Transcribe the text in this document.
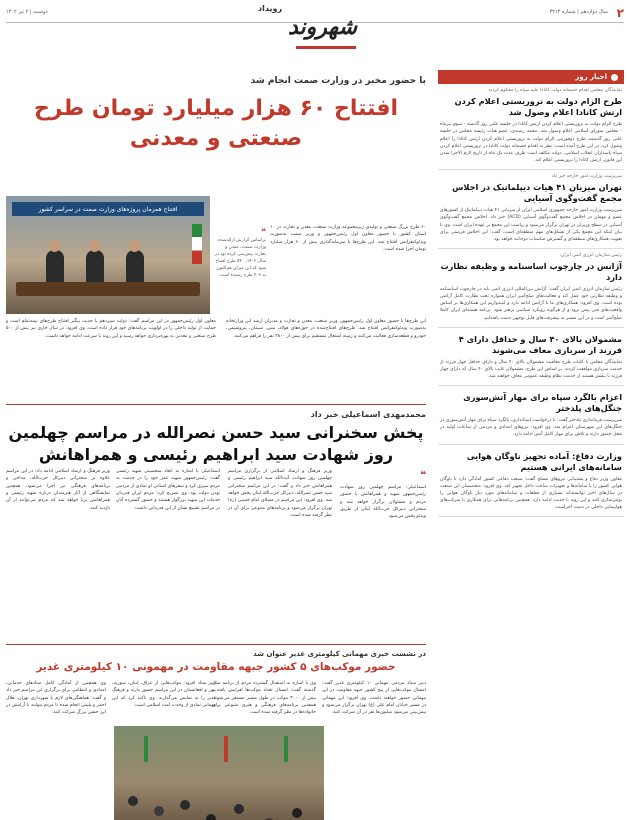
۲
سال دوازدهم | شماره ۳۲۱۴
دوشنبه | ۲ تیر ۱۴۰۲	رویداد
شهروند
اخبار روز
نمایندگان مجلس اقدام خصمانه دولت کانادا علیه سپاه را محکوم کردند
طرح الزام دولت به تروریستی اعلام کردن ارتش کانادا اعلام وصول شد
طرح الزام دولت به تروریستی اعلام کردن ارتش کانادا در جلسه علنی روز گذشته - سوم تیرماه - مجلس شورای اسلامی اعلام وصول شد. محمد رشیدی، عضو هیات رئیسه مجلس در جلسه علنی روز گذشته، طرح دوفوریتی الزام دولت به تروریستی اعلام کردن ارتش کانادا را اعلام وصول کرد. در این طرح آمده است: نظر به اقدام خصمانه دولت کانادا در تروریستی اعلام کردن سپاه پاسداران انقلاب اسلامی، دولت مکلف است ظرف مدت یک ماه از تاریخ لازم الاجرا شدن این قانون، ارتش کانادا را تروریستی اعلام کند.
سرپرست وزارت امور خارجه خبر داد
تهران میزبان ۴۱ هیات دیپلماتیک در اجلاس مجمع گفت‌وگوی آسیایی
سرپرست وزارت امور خارجه جمهوری اسلامی ایران از میزبانی ۴۱ هیات دیپلماتیک از کشورهای عضو و مهمان در اجلاس مجمع گفت‌وگوی آسیایی (ACD) خبر داد. اجلاس مجمع گفت‌وگوی آسیایی در سطح وزیران در تهران برگزار می‌شود و ریاست این مجمع بر عهده ایران است. وی با بیان اینکه این مجمع یکی از تشکل‌های مهم منطقه‌ای است، گفت: این اجلاس فرصتی برای تقویت همکاری‌های منطقه‌ای و گسترش مناسبات دوجانبه خواهد بود.
رئیس سازمان انرژی اتمی ایران:
آژانس در چارچوب اساسنامه و وظیفه نظارت دارد
رئیس سازمان انرژی اتمی ایران گفت: آژانس بین‌المللی انرژی اتمی باید در چارچوب اساسنامه و وظیفه نظارتی خود عمل کند و فعالیت‌های صلح‌آمیز ایران همواره تحت نظارت کامل آژانس بوده است. وی افزود: همکاری‌های ما با آژانس ادامه دارد و امیدواریم این همکاری‌ها بر اساس واقعیت‌های فنی پیش برود و از هرگونه رویکرد سیاسی پرهیز شود. برنامه هسته‌ای ایران کاملا صلح‌آمیز است و در این مسیر به پیشرفت‌های قابل توجهی دست یافته‌ایم.
مشمولان بالای ۴۰ سال و حداقل دارای ۴ فرزند از سربازی معاف می‌شوند
نمایندگان مجلس با کلیات طرح معافیت مشمولان بالای ۴۰ سال و دارای حداقل چهار فرزند از خدمت سربازی موافقت کردند. بر اساس این طرح، مشمولان غایب بالای ۴۰ سال که دارای چهار فرزند یا بیشتر هستند از خدمت نظام وظیفه عمومی معاف خواهند شد.
اعزام بالگرد سپاه برای مهار آتش‌سوزی جنگل‌های پلدختر
سرپرست فرمانداری پلدختر گفت: با درخواست استانداری، بالگرد سپاه برای مهار آتش‌سوزی در جنگل‌های این شهرستان اعزام شد. وی افزود: نیروهای امدادی و مردمی از ساعات اولیه در محل حضور دارند و تلاش برای مهار کامل آتش ادامه دارد.
وزارت دفاع: آماده تجهیز ناوگان هوایی سامانه‌های ایرانی هستیم
معاون وزیر دفاع و پشتیبانی نیروهای مسلح گفت: صنعت دفاعی کشور آمادگی دارد تا ناوگان هوایی کشور را با سامانه‌ها و تجهیزات ساخت داخل تجهیز کند. وی افزود: متخصصان این صنعت در سال‌های اخیر توانسته‌اند بسیاری از قطعات و سامانه‌های مورد نیاز ناوگان هوایی را بومی‌سازی کنند و این روند با جدیت ادامه دارد. همچنین برنامه‌هایی برای همکاری با شرکت‌های هواپیمایی داخلی در دست اجراست.
با حضور مخبر در وزارت صمت انجام شد
افتتاح ۶۰ هزار میلیارد تومان طرح صنعتی و معدنی
افتتاح همزمان پروژه‌های وزارت صمت در سراسر کشور
❝
براساس گزارش ارائه‌شده، وزارت صنعت، معدن و تجارت پیش‌بینی کرده بود در سال ۱۴۰۲، ۵۴۰ طرح افتتاح شود که این میزان هم‌اکنون به ۴۰۳ طرح رسیده است.
۶۰ طرح بزرگ صنعتی و تولیدی زیرمجموعه وزارت صنعت، معدن و تجارت در ۱۰ استان کشور با حضور معاون اول رئیس‌جمهور و وزیر صمت به‌صورت ویدئوکنفرانس افتتاح شد. این طرح‌ها با سرمایه‌گذاری بیش از ۶۰ هزار میلیارد تومان اجرا شده است.
این طرح‌ها با حضور معاون اول رئیس‌جمهور، وزیر صنعت، معدن و تجارت و مدیران ارشد این وزارتخانه به‌صورت ویدئوکنفرانس افتتاح شد. طرح‌های افتتاح‌شده در حوزه‌های فولاد، مس، سیمان، پتروشیمی، خودرو و قطعه‌سازی فعالیت می‌کنند و زمینه اشتغال مستقیم برای بیش از ۲۸۰۰ نفر را فراهم می‌کنند.
معاون اول رئیس‌جمهور در این مراسم گفت: دولت سیزدهم با جدیت پیگیر افتتاح طرح‌های نیمه‌تمام است و حمایت از تولید داخلی را در اولویت برنامه‌های خود قرار داده است. وی افزود: در سال جاری نیز بیش از ۵۰۰ طرح صنعتی و معدنی به بهره‌برداری خواهد رسید و این روند با سرعت ادامه خواهد داشت.
محمدمهدی اسماعیلی خبر داد
پخش سخنرانی سید حسن نصرالله در مراسم چهلمین روز شهادت سید ابراهیم رئیسی و همراهانش
❝
اسماعیلی: مراسم چهلمین روز شهادت رئیس‌جمهور شهید و همراهانش با حضور مردم و مسئولان برگزار خواهد شد و سخنرانی دبیرکل حزب‌الله لبنان از طریق ویدئو پخش می‌شود.
وزیر فرهنگ و ارشاد اسلامی از برگزاری مراسم چهلمین روز شهادت آیت‌الله سید ابراهیم رئیسی و همراهانش خبر داد و گفت: در این مراسم سخنرانی سید حسن نصرالله، دبیرکل حزب‌الله لبنان پخش خواهد شد. وی افزود: این مراسم در مصلای امام خمینی (ره) تهران برگزار می‌شود و برنامه‌های متنوعی برای آن در نظر گرفته شده است.
اسماعیلی با اشاره به ابعاد شخصیتی شهید رئیسی گفت: رئیس‌جمهور شهید عمر خود را در خدمت به مردم سپری کرد و سفرهای استانی او نمادی از مردمی بودن دولت بود. وی تصریح کرد: مردم ایران قدردان خدمات این شهید بزرگوار هستند و حضور گسترده آنان در مراسم تشییع نشان از این قدردانی داشت.
وزیر فرهنگ و ارشاد اسلامی ادامه داد: در این مراسم علاوه بر سخنرانی دبیرکل حزب‌الله، مداحی و برنامه‌های فرهنگی نیز اجرا می‌شود. همچنین نمایشگاهی از آثار هنرمندان درباره شهید رئیسی و همراهانش برپا خواهد شد که مردم می‌توانند از آن بازدید کنند.
در نشست خبری مهمانی کیلومتری غدیر عنوان شد
حضور موکب‌های ۵ کشور جبهه مقاومت در مهمونی ۱۰ کیلومتری غدیر
دبیر ستاد مردمی مهمانی ۱۰ کیلومتری غدیر گفت: امسال موکب‌هایی از پنج کشور جبهه مقاومت در این مهمانی حضور خواهند داشت. وی افزود: این مهمانی در مسیر خیابان امام علی (ع) تهران برگزار می‌شود و پیش‌بینی می‌شود میلیون‌ها نفر در آن شرکت کنند.
وی با اشاره به استقبال گسترده مردم از برنامه سال گذشته گفت: امسال تعداد موکب‌ها افزایش یافته و بیش از ۳۰۰۰ موکب در طول مسیر مستقر می‌شوند. همچنین برنامه‌های فرهنگی و هنری متنوعی برای خانواده‌ها در نظر گرفته شده است.
دبیر ستاد افزود: موکب‌هایی از عراق، لبنان، سوریه، یمن و افغانستان در این مراسم حضور دارند و فرهنگ غدیر را به نمایش می‌گذارند. وی تاکید کرد که این مهمانی نمادی از وحدت امت اسلامی است.
وی همچنین از آمادگی کامل ستادهای خدماتی، امدادی و انتظامی برای برگزاری این مراسم خبر داد و گفت: هماهنگی‌های لازم با شهرداری تهران، هلال احمر و پلیس انجام شده تا مردم بتوانند با آرامش در این جشن بزرگ شرکت کنند.
